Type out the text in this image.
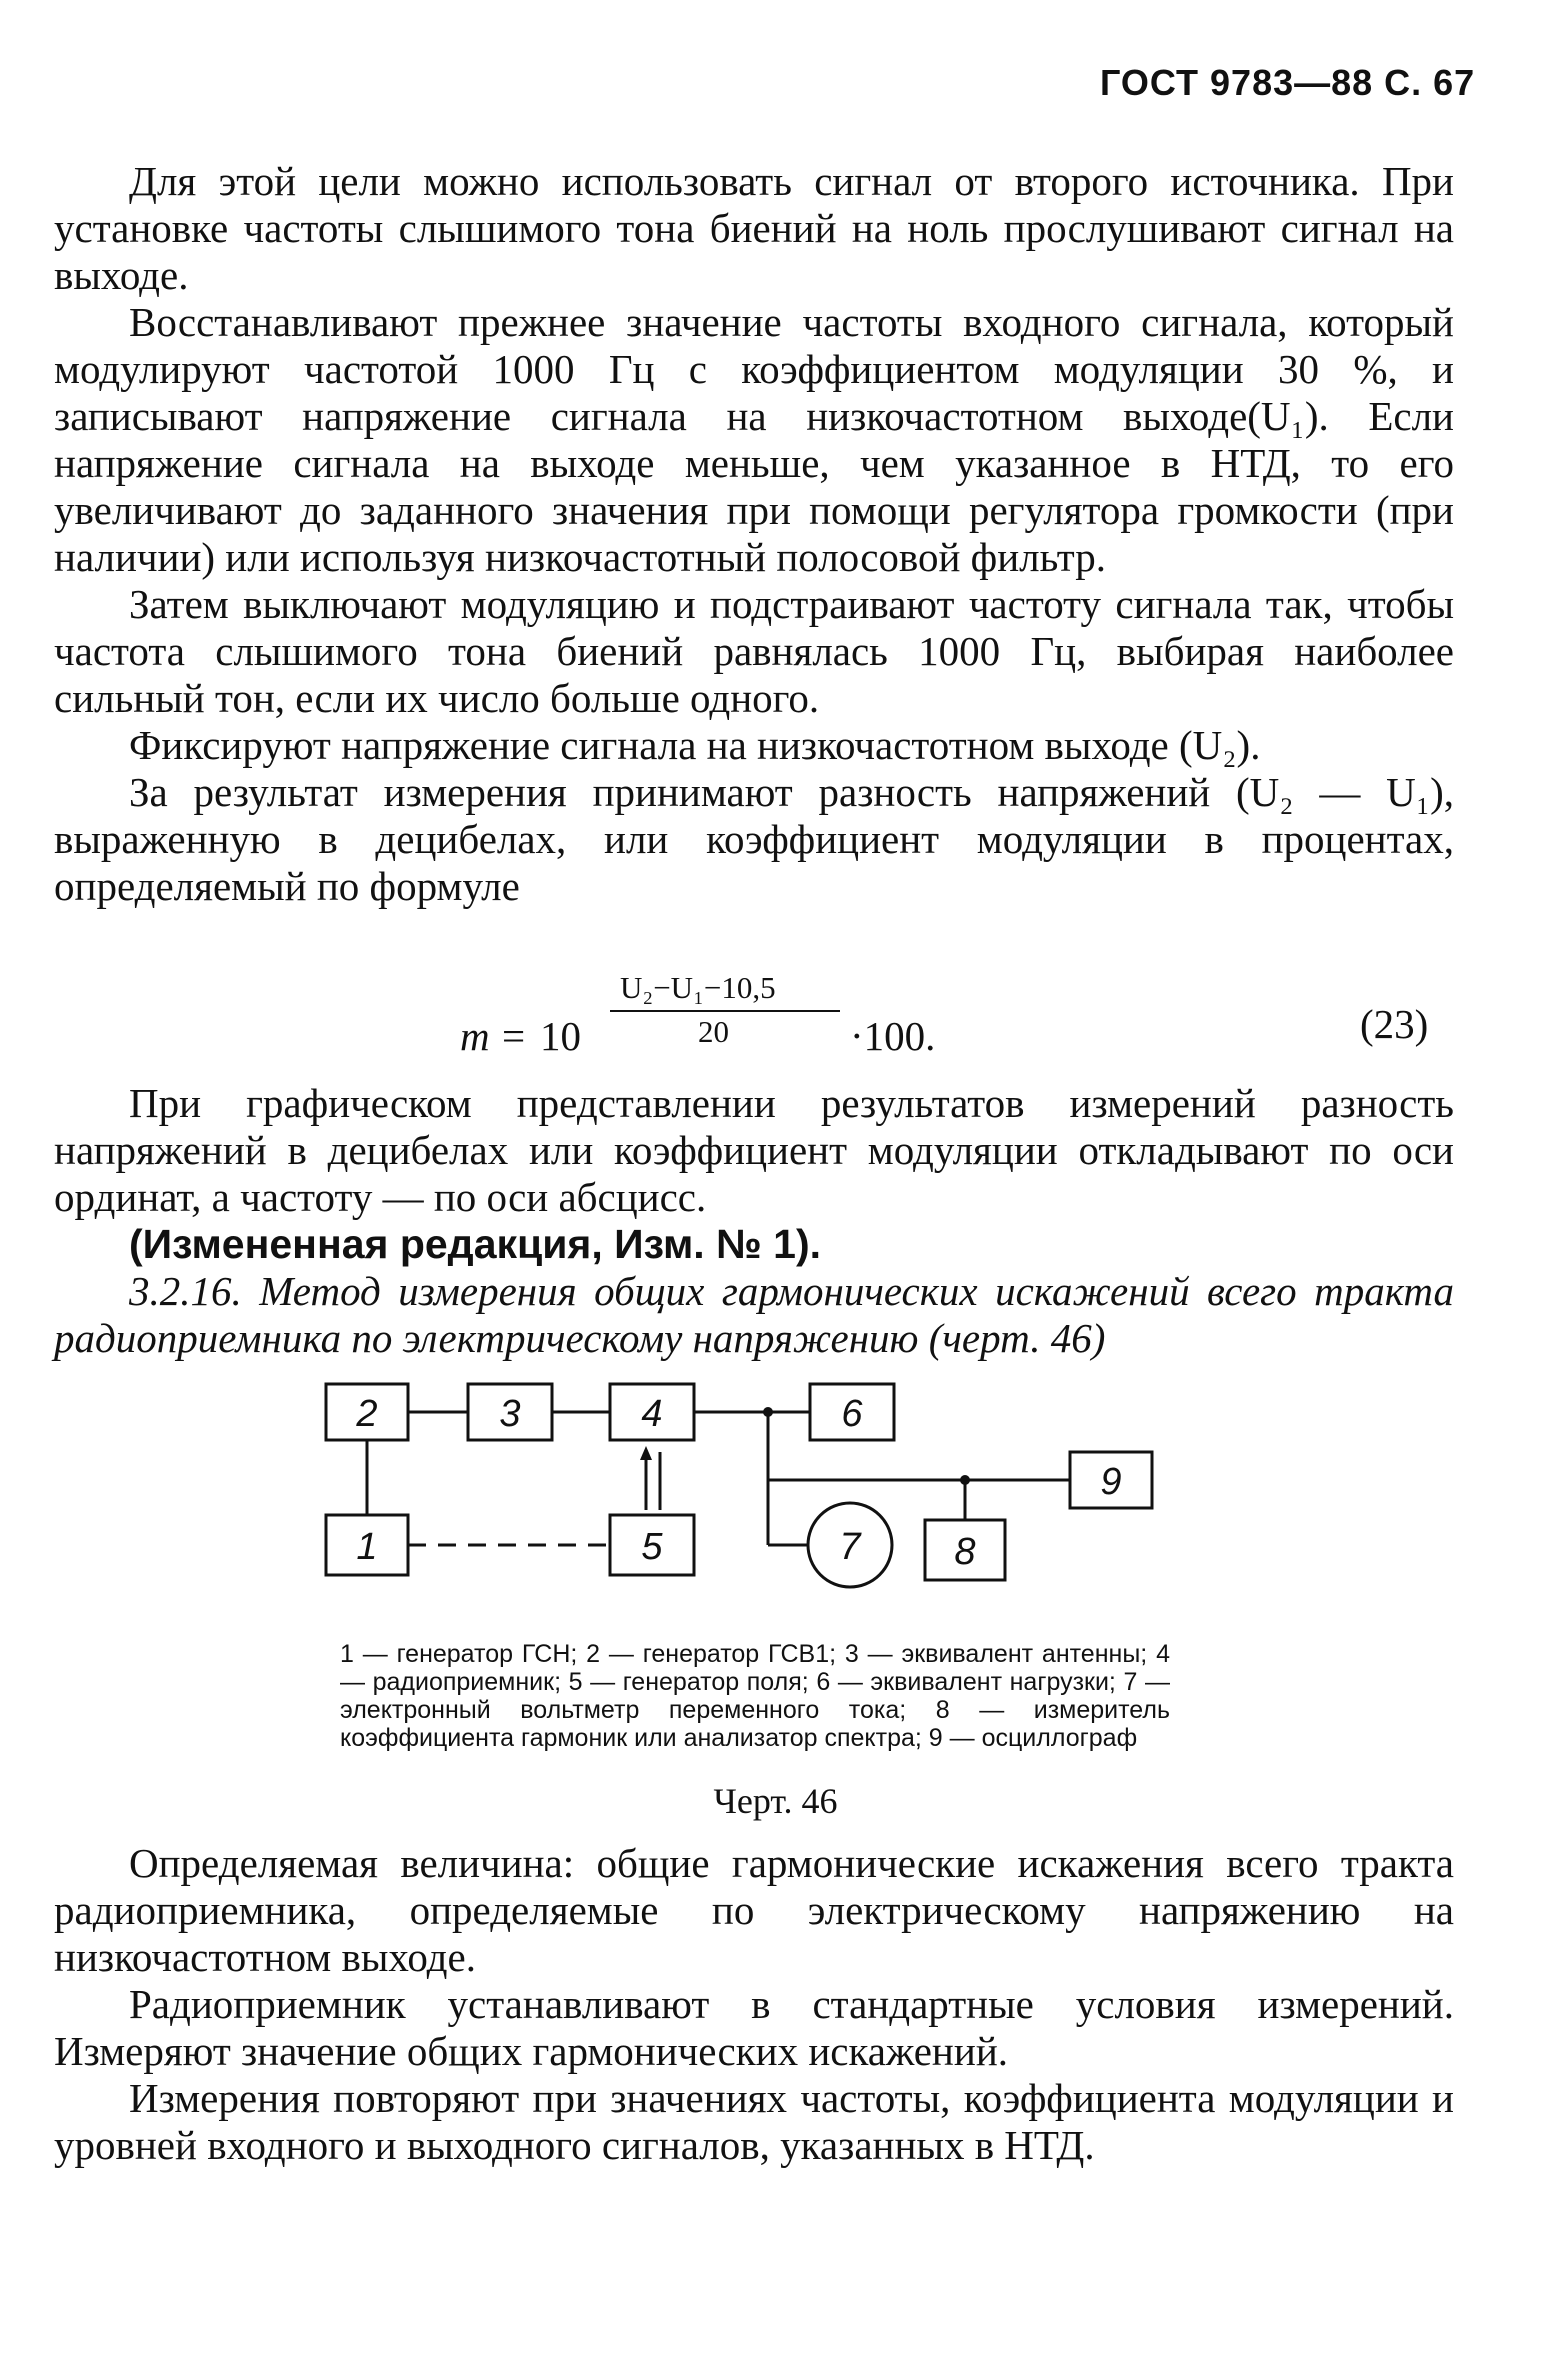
ГОСТ 9783—88 С. 67

Для этой цели можно использовать сигнал от второго источника. При установке частоты слышимого тона биений на ноль прослушивают сигнал на выходе.

Восстанавливают прежнее значение частоты входного сигнала, который модулируют частотой 1000 Гц с коэффициентом модуляции 30 %, и записывают напряжение сигнала на низкочастотном выходе(U₁). Если напряжение сигнала на выходе меньше, чем указанное в НТД, то его увеличивают до заданного значения при помощи регулятора громкости (при наличии) или используя низкочастотный полосовой фильтр.

Затем выключают модуляцию и подстраивают частоту сигнала так, чтобы частота слышимого тона биений равнялась 1000 Гц, выбирая наиболее сильный тон, если их число больше одного.

Фиксируют напряжение сигнала на низкочастотном выходе (U₂).

За результат измерения принимают разность напряжений (U₂ — U₁), выраженную в децибелах, или коэффициент модуляции в процентах, определяемый по формуле

m = 10
U₂−U₁−10,5
20	·100.	(23)

При графическом представлении результатов измерений разность напряжений в децибелах или коэффициент модуляции откладывают по оси ординат, а частоту — по оси абсцисс.

(Измененная редакция, Изм. № 1).

3.2.16. Метод измерения общих гармонических искажений всего тракта радиоприемника по электрическому напряжению (черт. 46)

2	3	4	6
9
1	5	7 8
1 — генератор ГСН; 2 — генератор ГСВ1; 3 — эквивалент антенны; 4 — радиоприемник; 5 — генератор поля; 6 — эквивалент нагрузки; 7 — электронный вольтметр переменного тока; 8 — измеритель коэффициента гармоник или анализатор спектра; 9 — осциллограф
Черт. 46

Определяемая величина: общие гармонические искажения всего тракта радиоприемника, определяемые по электрическому напряжению на низкочастотном выходе.

Радиоприемник устанавливают в стандартные условия измерений. Измеряют значение общих гармонических искажений.

Измерения повторяют при значениях частоты, коэффициента модуляции и уровней входного и выходного сигналов, указанных в НТД.
